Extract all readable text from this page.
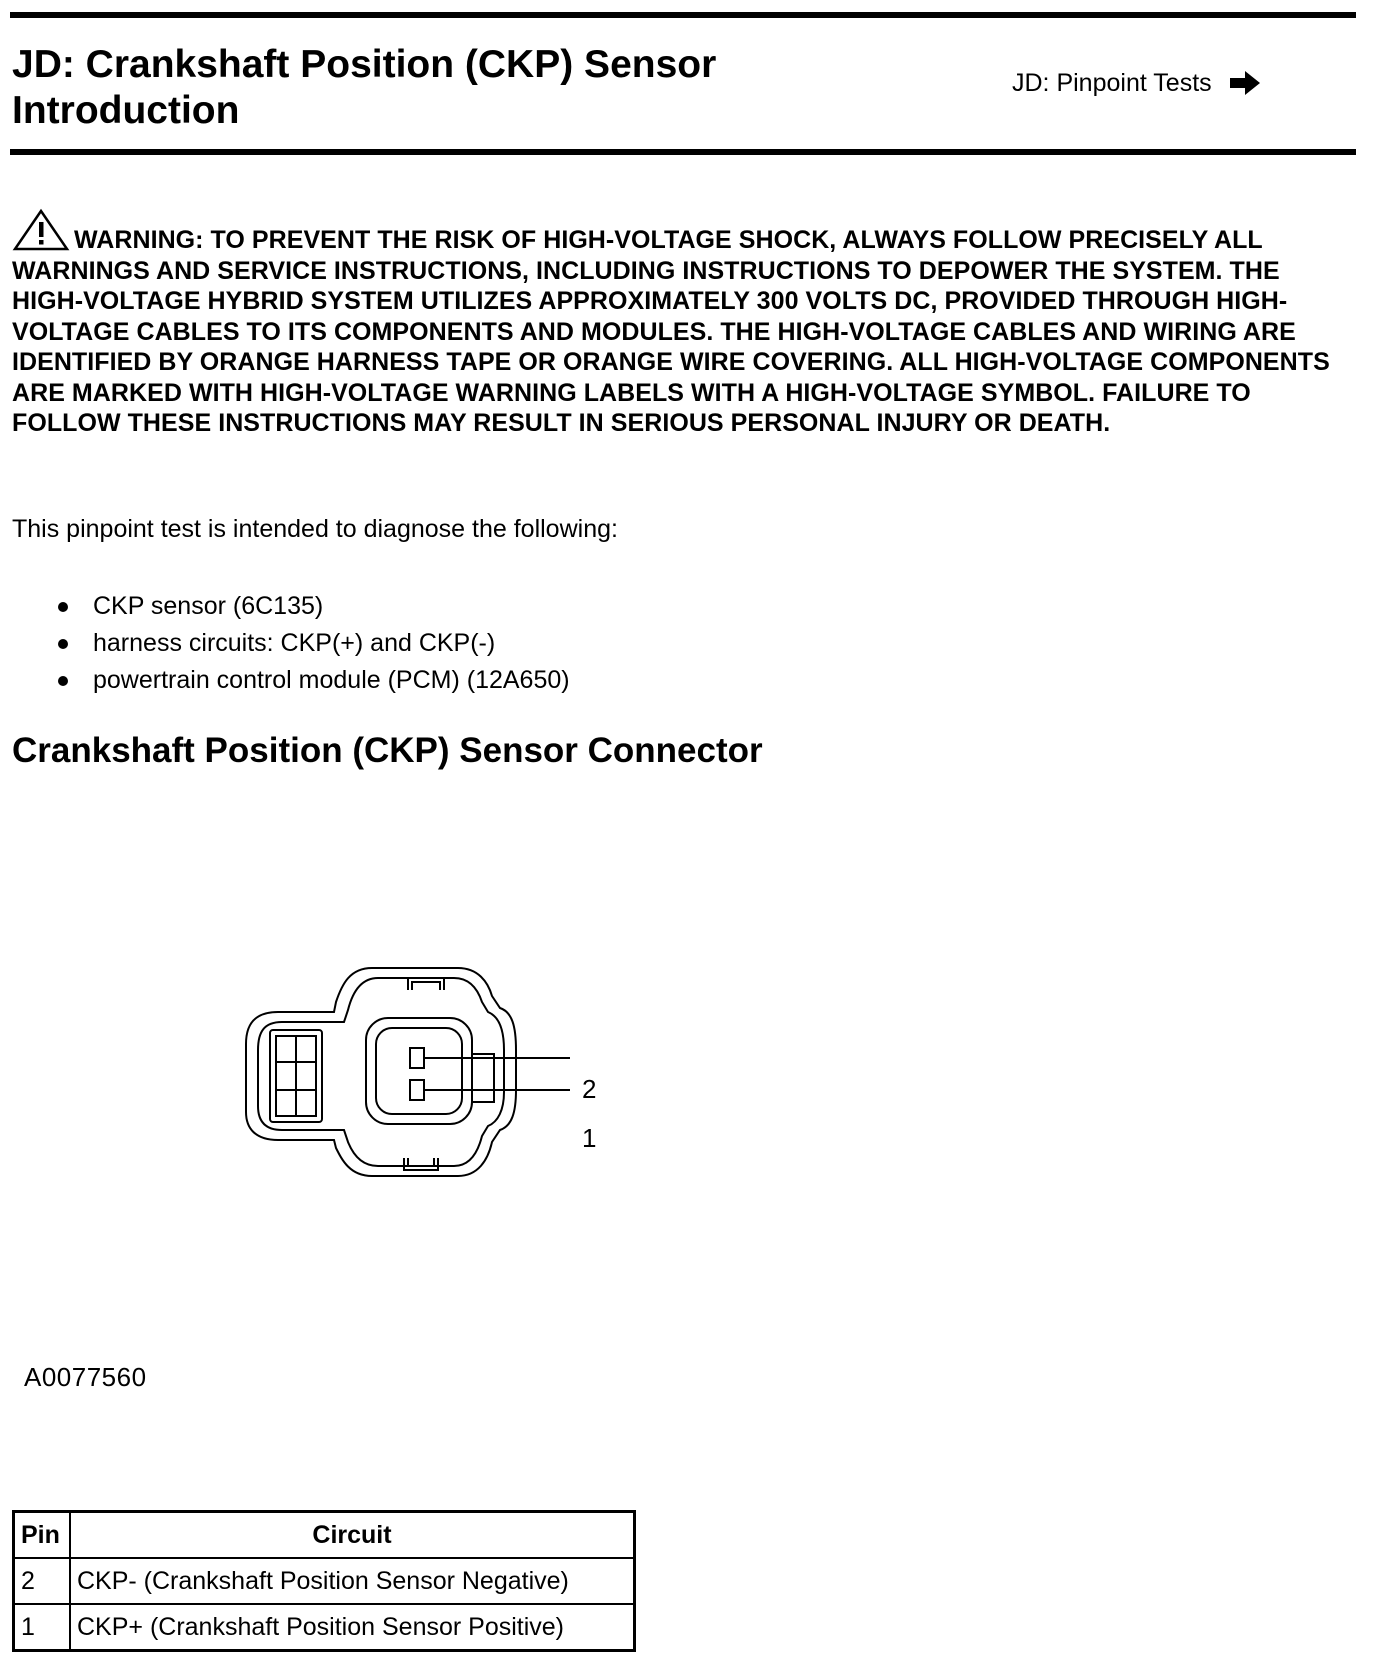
JD: Crankshaft Position (CKP) Sensor
Introduction
JD: Pinpoint Tests

WARNING: TO PREVENT THE RISK OF HIGH-VOLTAGE SHOCK, ALWAYS FOLLOW PRECISELY ALL WARNINGS AND SERVICE INSTRUCTIONS, INCLUDING INSTRUCTIONS TO DEPOWER THE SYSTEM. THE HIGH-VOLTAGE HYBRID SYSTEM UTILIZES APPROXIMATELY 300 VOLTS DC, PROVIDED THROUGH HIGH-VOLTAGE CABLES TO ITS COMPONENTS AND MODULES. THE HIGH-VOLTAGE CABLES AND WIRING ARE IDENTIFIED BY ORANGE HARNESS TAPE OR ORANGE WIRE COVERING. ALL HIGH-VOLTAGE COMPONENTS ARE MARKED WITH HIGH-VOLTAGE WARNING LABELS WITH A HIGH-VOLTAGE SYMBOL. FAILURE TO FOLLOW THESE INSTRUCTIONS MAY RESULT IN SERIOUS PERSONAL INJURY OR DEATH.

This pinpoint test is intended to diagnose the following:

CKP sensor (6C135)
harness circuits: CKP(+) and CKP(-)
powertrain control module (PCM) (12A650)
Crankshaft Position (CKP) Sensor Connector
2
1

A0077560

Pin	Circuit
2	CKP- (Crankshaft Position Sensor Negative)
1	CKP+ (Crankshaft Position Sensor Positive)
